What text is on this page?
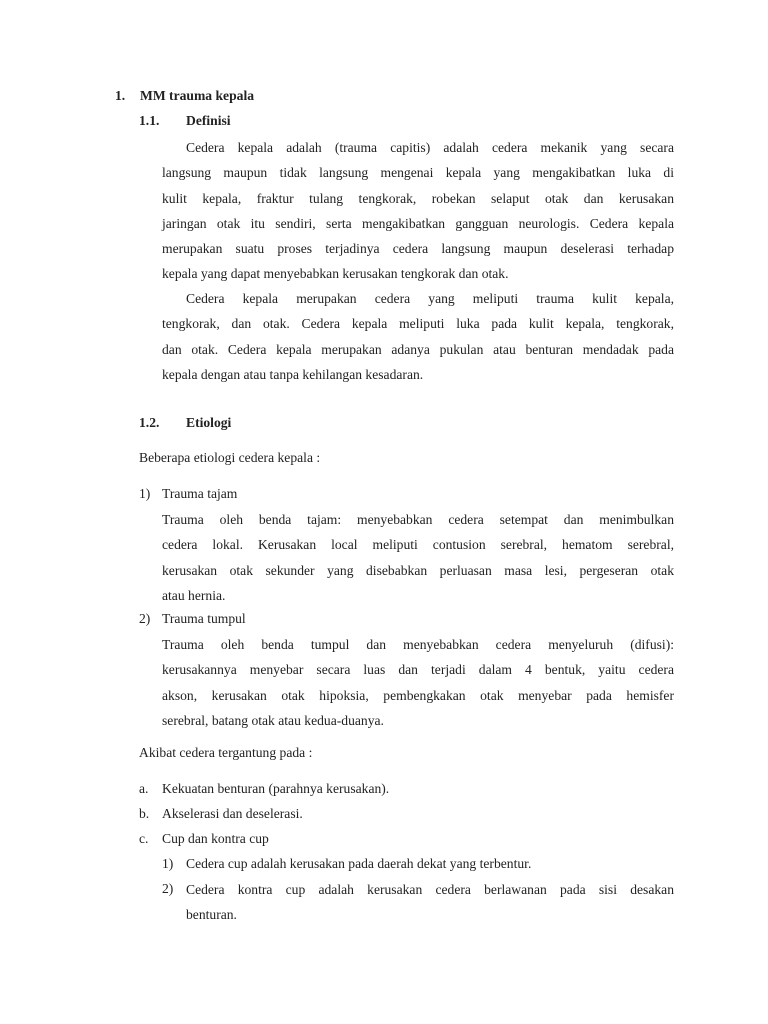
1. MM trauma kepala
1.1. Definisi
Cedera kepala adalah (trauma capitis) adalah cedera mekanik yang secara
langsung maupun tidak langsung mengenai kepala yang mengakibatkan luka di
kulit kepala, fraktur tulang tengkorak, robekan selaput otak dan kerusakan
jaringan otak itu sendiri, serta mengakibatkan gangguan neurologis. Cedera kepala
merupakan suatu proses terjadinya cedera langsung maupun deselerasi terhadap
kepala yang dapat menyebabkan kerusakan tengkorak dan otak.
Cedera kepala merupakan cedera yang meliputi trauma kulit kepala,
tengkorak, dan otak. Cedera kepala meliputi luka pada kulit kepala, tengkorak,
dan otak. Cedera kepala merupakan adanya pukulan atau benturan mendadak pada
kepala dengan atau tanpa kehilangan kesadaran.
1.2. Etiologi
Beberapa etiologi cedera kepala :
1) Trauma tajam
Trauma oleh benda tajam: menyebabkan cedera setempat dan menimbulkan
cedera lokal. Kerusakan local meliputi contusion serebral, hematom serebral,
kerusakan otak sekunder yang disebabkan perluasan masa lesi, pergeseran otak
atau hernia.
2) Trauma tumpul
Trauma oleh benda tumpul dan menyebabkan cedera menyeluruh (difusi):
kerusakannya menyebar secara luas dan terjadi dalam 4 bentuk, yaitu cedera
akson, kerusakan otak hipoksia, pembengkakan otak menyebar pada hemisfer
serebral, batang otak atau kedua-duanya.
Akibat cedera tergantung pada :
a. Kekuatan benturan (parahnya kerusakan).
b. Akselerasi dan deselerasi.
c. Cup dan kontra cup
1) Cedera cup adalah kerusakan pada daerah dekat yang terbentur.
2) Cedera kontra cup adalah kerusakan cedera berlawanan pada sisi desakan
benturan.
